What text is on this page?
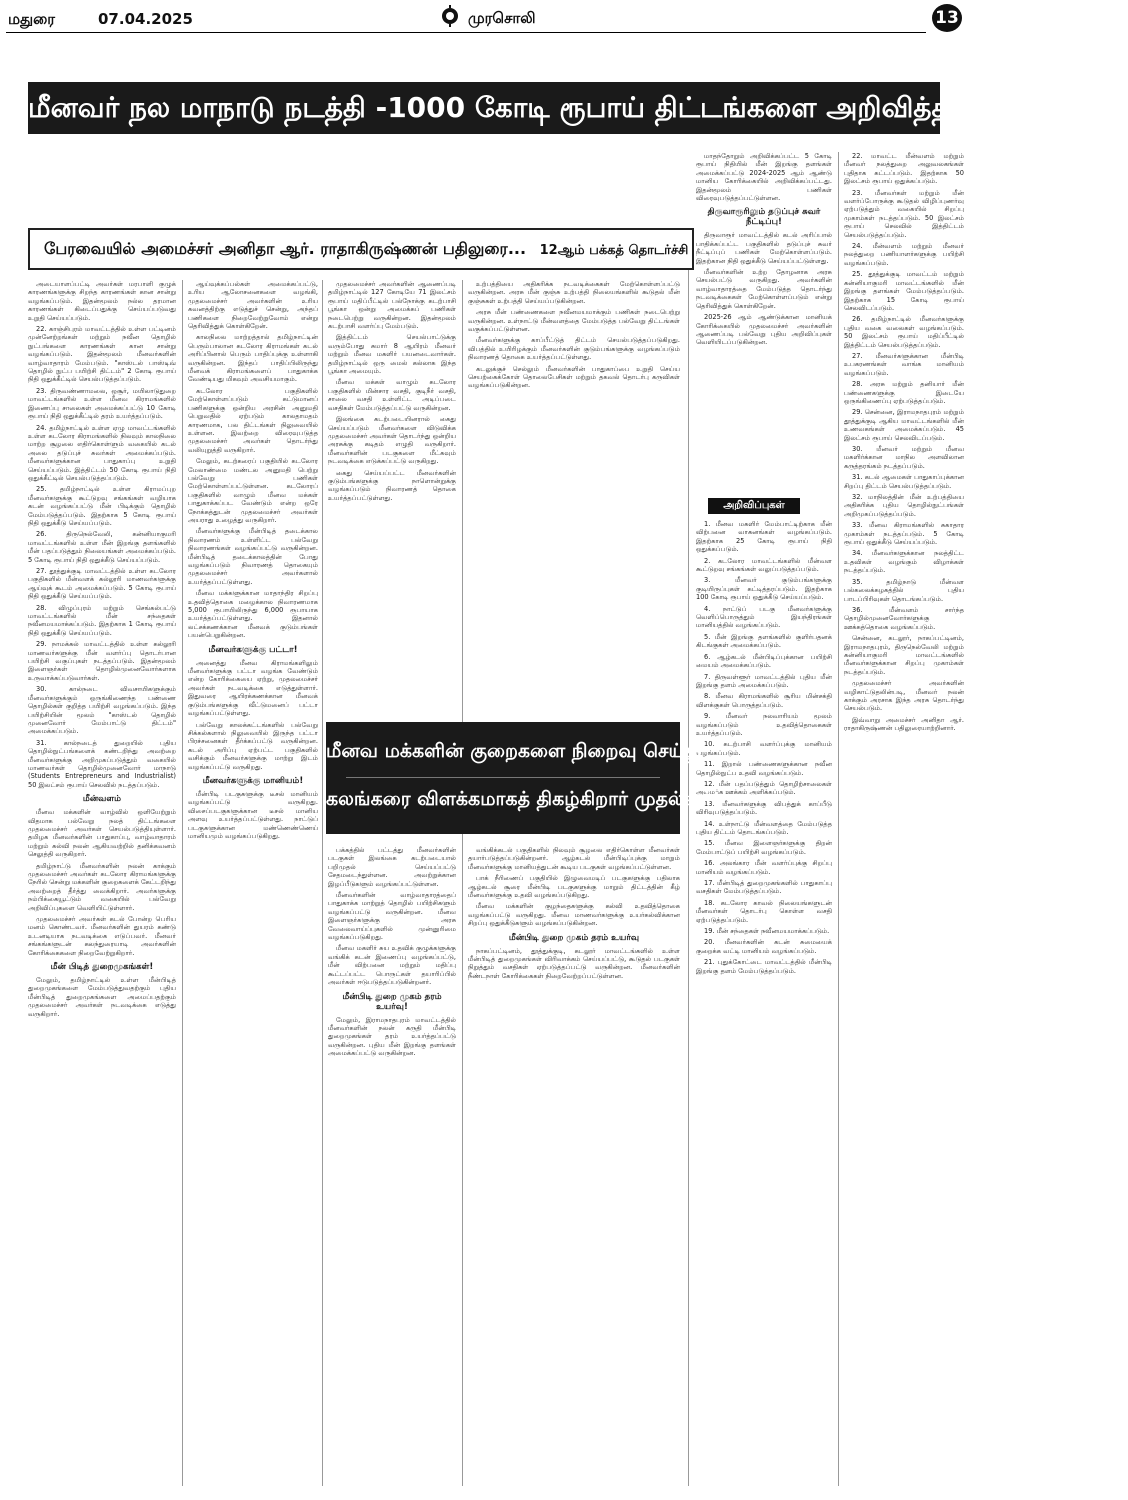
மதுரை	07.04.2025	முரசொலி	13
மீனவர் நல மாநாடு நடத்தி -1000 கோடி ரூபாய் திட்டங்களை அறிவித்தவர் முதல்வர்!

அடையாளப்பட்டி அவர்கள் மரபாளி குழுக் காரணங்களுக்கு சிறந்த காரணங்கள் கான சான்று வழங்கப்படும். இதன்மூலம் நல்ல தரமான காரணங்கள் கிடைப்பதுக்கு செய்யப்படுவது உறுதி செய்யப்படும்.

22. காஞ்சிபுரம் மாவட்டத்தில் உள்ள பட்டினம் முன்னேற்றங்கள் மற்றும் நவீன தொழில் நுட்பங்களை காரணங்கள் கான சான்று வழங்கப்படும். இதன்மூலம் மீனவர்களின் வாழ்வாதாரம் மேம்படும். "காஸ்டல் பாஸ்டிவ் தொழில் நுட்ப பயிற்சி திட்டம்" 2 கோடி ரூபாய் நிதி ஒதுக்கீட்டில் செயல்படுத்தப்படும்.

23. திருவண்ணாமலை, ஒசூர், மயிலாடுதுறை மாவட்டங்களில் உள்ள மீனவ கிராமங்களில் இணைப்பு சாலைகள் அமைக்கப்பட்டு 10 கோடி ரூபாய் நிதி ஒதுக்கீட்டில் தரம் உயர்த்தப்படும்.

24. தமிழ்நாட்டில் உள்ள ஏழு மாவட்டங்களில் உள்ள கடலோர கிராமங்களில் நிலவும் காலநிலை மாற்ற சூழலை எதிர்கொள்ளும் வகையில் கடல் அலை தடுப்புச் சுவர்கள் அமைக்கப்படும். மீனவர்களுக்கான பாதுகாப்பு உறுதி செய்யப்படும். இத்திட்டம் 50 கோடி ரூபாய் நிதி ஒதுக்கீட்டில் செயல்படுத்தப்படும்.

25. தமிழ்நாட்டில் உள்ள கிராமப்புற மீனவர்களுக்கு கூட்டுறவு சங்கங்கள் வழியாக கடன் வழங்கப்பட்டு மீன் பிடிக்கும் தொழில் மேம்படுத்தப்படும். இதற்காக 5 கோடி ரூபாய் நிதி ஒதுக்கீடு செய்யப்படும்.

26. திருநெல்வேலி, கன்னியாகுமரி மாவட்டங்களில் உள்ள மீன் இறங்கு தளங்களில் மீன் பதப்படுத்தும் நிலையங்கள் அமைக்கப்படும். 5 கோடி ரூபாய் நிதி ஒதுக்கீடு செய்யப்படும்.

27. தூத்துக்குடி மாவட்டத்தில் உள்ள கடலோர பகுதிகளில் மீன்வளக் கல்லூரி மாணவர்களுக்கு ஆய்வுக் கூடம் அமைக்கப்படும். 5 கோடி ரூபாய் நிதி ஒதுக்கீடு செய்யப்படும்.

28. விழுப்புரம் மற்றும் செங்கல்பட்டு மாவட்டங்களில் மீன் சந்தைகள் நவீனமயமாக்கப்படும். இதற்காக 1 கோடி ரூபாய் நிதி ஒதுக்கீடு செய்யப்படும்.

29. நாமக்கல் மாவட்டத்தில் உள்ள கல்லூரி மாணவர்களுக்கு மீன் வளர்ப்பு தொடர்பான பயிற்சி வகுப்புகள் நடத்தப்படும். இதன்மூலம் இளைஞர்கள் தொழில்முனைவோர்களாக உருவாக்கப்படுவார்கள்.

30. கால்நடை விவசாயிகளுக்கும் மீனவர்களுக்கும் ஒருங்கிணைந்த பண்ணை தொழில்கள் குறித்த பயிற்சி வழங்கப்படும். இந்த பயிற்சியின் மூலம் "காஸ்டல் தொழில் முனைவோர் மேம்பாட்டு திட்டம்" அமைக்கப்படும்.

31. கால்நடைத் துறையில் புதிய தொழில்நுட்பங்களைக் கண்டறிந்து அவற்றை மீனவர்களுக்கு அறிமுகப்படுத்தும் வகையில் மாணவர்கள் தொழில்முனைவோர் மாநாடு (Students Entrepreneurs and Industrialist) 50 இலட்சம் ரூபாய் செலவில் நடத்தப்படும்.

மீன்வளம்

மீனவ மக்களின் வாழ்வில் ஒளியேற்றும் விதமாக பல்வேறு நலத் திட்டங்களை முதலமைச்சர் அவர்கள் செயல்படுத்தியுள்ளார். தமிழக மீனவர்களின் பாதுகாப்பு, வாழ்வாதாரம் மற்றும் கல்வி நலன் ஆகியவற்றில் தனிக்கவனம் செலுத்தி வருகிறார்.

தமிழ்நாட்டு மீனவர்களின் நலன் காக்கும் முதலமைச்சர் அவர்கள் கடலோர கிராமங்களுக்கு நேரில் சென்று மக்களின் குறைகளைக் கேட்டறிந்து அவற்றைத் தீர்த்து வைக்கிறார். அவர்களுக்கு நம்பிக்கையூட்டும் வகையில் பல்வேறு அறிவிப்புகளை வெளியிட்டுள்ளார்.

முதலமைச்சர் அவர்கள் கடல் போன்ற பெரிய மனம் கொண்டவர். மீனவர்களின் துயரம் கண்டு உடனடியாக நடவடிக்கை எடுப்பவர். மீனவர் சங்கங்களுடன் கலந்துரையாடி அவர்களின் கோரிக்கைகளை நிறைவேற்றுகிறார்.

மீன் பிடித் துறைமுகங்கள்!

மேலும், தமிழ்நாட்டில் உள்ள மீன்பிடித் துறைமுகங்களை மேம்படுத்துவதற்கும் புதிய மீன்பிடித் துறைமுகங்களை அமைப்பதற்கும் முதலமைச்சர் அவர்கள் நடவடிக்கை எடுத்து வருகிறார்.

ஆய்வுக்கப்பல்கள் அமைக்கப்பட்டு, உரிய ஆலோசனைகளை வழங்கி, முதலமைச்சர் அவர்களின் உரிய கவனத்திற்கு எடுத்துச் சென்று, அந்தப் பணிகளை நிறைவேற்றுவோம் என்று தெரிவித்துக் கொள்கிறேன்.

காலநிலை மாற்றத்தால் தமிழ்நாட்டின் பெரும்பாலான கடலோர கிராமங்கள் கடல் அரிப்பினால் பெரும் பாதிப்புக்கு உள்ளாகி வருகின்றன. இந்தப் பாதிப்பிலிருந்து மீனவக் கிராமங்களைப் பாதுகாக்க வேண்டியது மிகவும் அவசியமாகும்.

கடலோர பகுதிகளில் மேற்கொள்ளப்படும் கட்டுமானப் பணிகளுக்கு ஒன்றிய அரசின் அனுமதி பெறுவதில் ஏற்படும் காலதாமதம் காரணமாக, பல திட்டங்கள் நிலுவையில் உள்ளன. இவற்றை விரைவுபடுத்த முதலமைச்சர் அவர்கள் தொடர்ந்து வலியுறுத்தி வருகிறார்.

மேலும், கடற்கரைப் பகுதியில் கடலோர மேலாண்மை மண்டல அனுமதி பெற்று பல்வேறு பணிகள் மேற்கொள்ளப்பட்டுள்ளன. கடலோரப் பகுதிகளில் வாழும் மீனவ மக்கள் பாதுகாக்கப்பட வேண்டும் என்ற ஒரே நோக்கத்துடன் முதலமைச்சர் அவர்கள் அயராது உழைத்து வருகிறார்.

மீனவர்களுக்கு மீன்பிடித் தடைக்கால நிவாரணம் உள்ளிட்ட பல்வேறு நிவாரணங்கள் வழங்கப்பட்டு வருகின்றன. மீன்பிடித் தடைக்காலத்தின் போது வழங்கப்படும் நிவாரணத் தொகையும் முதலமைச்சர் அவர்களால் உயர்த்தப்பட்டுள்ளது.

மீனவ மக்களுக்கான மாதாந்திர சிறப்பு உதவித்தொகை மழைக்கால நிவாரணமாக 5,000 ரூபாயிலிருந்து 6,000 ரூபாயாக உயர்த்தப்பட்டுள்ளது. இதனால் லட்சக்கணக்கான மீனவக் குடும்பங்கள் பயன்பெறுகின்றன.

மீனவர்களுக்கு பட்டா!

அனைத்து மீனவ கிராமங்களிலும் மீனவர்களுக்கு பட்டா வழங்க வேண்டும் என்ற கோரிக்கையை ஏற்று, முதலமைச்சர் அவர்கள் நடவடிக்கை எடுத்துள்ளார். இதுவரை ஆயிரக்கணக்கான மீனவக் குடும்பங்களுக்கு வீட்டுமனைப் பட்டா வழங்கப்பட்டுள்ளது.

பல்வேறு காலக்கட்டங்களில் பல்வேறு சிக்கல்களால் நிலுவையில் இருந்த பட்டா பிரச்சனைகள் தீர்க்கப்பட்டு வருகின்றன. கடல் அரிப்பு ஏற்பட்ட பகுதிகளில் வசிக்கும் மீனவர்களுக்கு மாற்று இடம் வழங்கப்பட்டு வருகிறது.

மீனவர்களுக்கு மானியம்!

மீன்பிடி படகுகளுக்கு டீசல் மானியம் வழங்கப்பட்டு வருகிறது. விசைப்படகுகளுக்கான டீசல் மானிய அளவு உயர்த்தப்பட்டுள்ளது. நாட்டுப் படகுகளுக்கான மண்ணெண்ணெய் மானியமும் வழங்கப்படுகிறது.

முதலமைச்சர் அவர்களின் ஆணைப்படி தமிழ்நாட்டில் 127 கோடியே 71 இலட்சம் ரூபாய் மதிப்பீட்டில் பல்நோக்கு கடற்பாசி பூங்கா ஒன்று அமைக்கப் பணிகள் நடைபெற்று வருகின்றன. இதன்மூலம் கடற்பாசி வளர்ப்பு மேம்படும்.

இத்திட்டம் செயல்பாட்டுக்கு வரும்போது சுமார் 8 ஆயிரம் மீனவர் மற்றும் மீனவ மகளிர் பயனடைவார்கள். தமிழ்நாட்டில் ஒரு மைல் கல்லாக இந்த பூங்கா அமையும்.

மீனவ மக்கள் வாழும் கடலோர பகுதிகளில் மின்சார வசதி, குடிநீர் வசதி, சாலை வசதி உள்ளிட்ட அடிப்படை வசதிகள் மேம்படுத்தப்பட்டு வருகின்றன.

இலங்கை கடற்படையினரால் கைது செய்யப்படும் மீனவர்களை விடுவிக்க முதலமைச்சர் அவர்கள் தொடர்ந்து ஒன்றிய அரசுக்கு கடிதம் எழுதி வருகிறார். மீனவர்களின் படகுகளை மீட்கவும் நடவடிக்கை எடுக்கப்பட்டு வருகிறது.

கைது செய்யப்பட்ட மீனவர்களின் குடும்பங்களுக்கு நாளொன்றுக்கு வழங்கப்படும் நிவாரணத் தொகை உயர்த்தப்பட்டுள்ளது.

பக்கத்தில் பட்டத்து மீனவர்களின் படகுகள் இலங்கை கடற்படையால் பறிமுதல் செய்யப்பட்டு சேதமடைந்துள்ளன. அவற்றுக்கான இழப்பீடுகளும் வழங்கப்பட்டுள்ளன.

மீனவர்களின் வாழ்வாதாரத்தைப் பாதுகாக்க மாற்றுத் தொழில் பயிற்சிகளும் வழங்கப்பட்டு வருகின்றன. மீனவ இளைஞர்களுக்கு அரசு வேலைவாய்ப்புகளில் முன்னுரிமை வழங்கப்படுகிறது.

மீனவ மகளிர் சுய உதவிக் குழுக்களுக்கு வங்கிக் கடன் இணைப்பு வழங்கப்பட்டு, மீன் விற்பனை மற்றும் மதிப்பு கூட்டப்பட்ட பொருட்கள் தயாரிப்பில் அவர்கள் ஈடுபடுத்தப்படுகின்றனர்.

மீன்பிடி துறை முகம் தரம் உயர்வு!

மேலும், இராமநாதபுரம் மாவட்டத்தில் மீனவர்களின் நலன் கருதி மீன்பிடி துறைமுகங்கள் தரம் உயர்த்தப்பட்டு வருகின்றன. புதிய மீன் இறங்கு தளங்கள் அமைக்கப்பட்டு வருகின்றன.

உற்பத்தியை அதிகரிக்க நடவடிக்கைகள் மேற்கொள்ளப்பட்டு வருகின்றன. அரசு மீன் குஞ்சு உற்பத்தி நிலையங்களில் கூடுதல் மீன் குஞ்சுகள் உற்பத்தி செய்யப்படுகின்றன.

அரசு மீன் பண்ணைகளை நவீனமயமாக்கும் பணிகள் நடைபெற்று வருகின்றன. உள்நாட்டு மீன்வளத்தை மேம்படுத்த பல்வேறு திட்டங்கள் வகுக்கப்பட்டுள்ளன.

மீனவர்களுக்கு காப்பீட்டுத் திட்டம் செயல்படுத்தப்படுகிறது. விபத்தில் உயிரிழக்கும் மீனவர்களின் குடும்பங்களுக்கு வழங்கப்படும் நிவாரணத் தொகை உயர்த்தப்பட்டுள்ளது.

கடலுக்குச் செல்லும் மீனவர்களின் பாதுகாப்பை உறுதி செய்ய செயற்கைக்கோள் தொலைபேசிகள் மற்றும் தகவல் தொடர்பு கருவிகள் வழங்கப்படுகின்றன.

வங்கிக்கடல் பகுதிகளில் நிலவும் சூழலை எதிர்கொள்ள மீனவர்கள் தயார்படுத்தப்படுகின்றனர். ஆழ்கடல் மீன்பிடிப்புக்கு மாறும் மீனவர்களுக்கு மானியத்துடன் கூடிய படகுகள் வழங்கப்பட்டுள்ளன.

பாக் நீரிணைப் பகுதியில் இழுவைமடிப் படகுகளுக்கு பதிலாக ஆழ்கடல் சூரை மீன்பிடி படகுகளுக்கு மாறும் திட்டத்தின் கீழ் மீனவர்களுக்கு உதவி வழங்கப்படுகிறது.

மீனவ மக்களின் குழந்தைகளுக்கு கல்வி உதவித்தொகை வழங்கப்பட்டு வருகிறது. மீனவ மாணவர்களுக்கு உயர்கல்விக்கான சிறப்பு ஒதுக்கீடுகளும் வழங்கப்படுகின்றன.

மீன்பிடி துறை முகம் தரம் உயர்வு

நாகப்பட்டினம், தூத்துக்குடி, கடலூர் மாவட்டங்களில் உள்ள மீன்பிடித் துறைமுகங்கள் விரிவாக்கம் செய்யப்பட்டு, கூடுதல் படகுகள் நிறுத்தும் வசதிகள் ஏற்படுத்தப்பட்டு வருகின்றன. மீனவர்களின் நீண்டநாள் கோரிக்கைகள் நிறைவேற்றப்பட்டுள்ளன.

மாதந்தோறும் அறிவிக்கப்பட்ட 5 கோடி ரூபாய் நிதியில் மீன் இறங்கு தளங்கள் அமைக்கப்பட்டு 2024-2025 ஆம் ஆண்டு மானிய கோரிக்கையில் அறிவிக்கப்பட்டது. இதன்மூலம் பணிகள் விரைவுபடுத்தப்பட்டுள்ளன.

திருவாரூரிலும் தடுப்புச் சுவர் நீட்டிப்பு!

திருவாரூர் மாவட்டத்தில் கடல் அரிப்பால் பாதிக்கப்பட்ட பகுதிகளில் தடுப்புச் சுவர் நீட்டிப்புப் பணிகள் மேற்கொள்ளப்படும். இதற்கான நிதி ஒதுக்கீடு செய்யப்பட்டுள்ளது.

மீனவர்களின் உற்ற தோழனாக அரசு செயல்பட்டு வருகிறது. அவர்களின் வாழ்வாதாரத்தை மேம்படுத்த தொடர்ந்து நடவடிக்கைகள் மேற்கொள்ளப்படும் என்று தெரிவித்துக் கொள்கிறேன்.

2025-26 ஆம் ஆண்டுக்கான மானியக் கோரிக்கையில் முதலமைச்சர் அவர்களின் ஆணைப்படி பல்வேறு புதிய அறிவிப்புகள் வெளியிடப்படுகின்றன.

அறிவிப்புகள்

1. மீனவ மகளிர் மேம்பாட்டிற்காக மீன் விற்பனை வாகனங்கள் வழங்கப்படும். இதற்காக 25 கோடி ரூபாய் நிதி ஒதுக்கப்படும்.

2. கடலோர மாவட்டங்களில் மீன்வள கூட்டுறவு சங்கங்கள் வலுப்படுத்தப்படும்.

3. மீனவர் குடும்பங்களுக்கு குடியிருப்புகள் கட்டித்தரப்படும். இதற்காக 100 கோடி ரூபாய் ஒதுக்கீடு செய்யப்படும்.

4. நாட்டுப் படகு மீனவர்களுக்கு வெளிப்பொருத்தும் இயந்திரங்கள் மானியத்தில் வழங்கப்படும்.

5. மீன் இறங்கு தளங்களில் குளிர்பதனக் கிடங்குகள் அமைக்கப்படும்.

6. ஆழ்கடல் மீன்பிடிப்புக்கான பயிற்சி மையம் அமைக்கப்படும்.

7. திருவள்ளூர் மாவட்டத்தில் புதிய மீன் இறங்கு தளம் அமைக்கப்படும்.

8. மீனவ கிராமங்களில் சூரிய மின்சக்தி விளக்குகள் பொருத்தப்படும்.

9. மீனவர் நலவாரியம் மூலம் வழங்கப்படும் உதவித்தொகைகள் உயர்த்தப்படும்.

10. கடற்பாசி வளர்ப்புக்கு மானியம் வழங்கப்படும்.

11. இறால் பண்ணைகளுக்கான நவீன தொழில்நுட்ப உதவி வழங்கப்படும்.

12. மீன் பதப்படுத்தும் தொழிற்சாலைகள் அமைக்க ஊக்கம் அளிக்கப்படும்.

13. மீனவர்களுக்கு விபத்துக் காப்பீடு விரிவுபடுத்தப்படும்.

14. உள்நாட்டு மீன்வளத்தை மேம்படுத்த புதிய திட்டம் தொடங்கப்படும்.

15. மீனவ இளைஞர்களுக்கு திறன் மேம்பாட்டுப் பயிற்சி வழங்கப்படும்.

16. அலங்கார மீன் வளர்ப்புக்கு சிறப்பு மானியம் வழங்கப்படும்.

17. மீன்பிடித் துறைமுகங்களில் பாதுகாப்பு வசதிகள் மேம்படுத்தப்படும்.

18. கடலோர காவல் நிலையங்களுடன் மீனவர்கள் தொடர்பு கொள்ள வசதி ஏற்படுத்தப்படும்.

19. மீன் சந்தைகள் நவீனமயமாக்கப்படும்.

20. மீனவர்களின் கடன் சுமையைக் குறைக்க வட்டி மானியம் வழங்கப்படும்.

21. புதுக்கோட்டை மாவட்டத்தில் மீன்பிடி இறங்கு தளம் மேம்படுத்தப்படும்.

22. மாவட்ட மீன்வளம் மற்றும் மீனவர் நலத்துறை அலுவலகங்கள் புதிதாக கட்டப்படும். இதற்காக 50 இலட்சம் ரூபாய் ஒதுக்கப்படும்.

23. மீனவர்கள் மற்றும் மீன் வளர்ப்போருக்கு கூடுதல் விழிப்புணர்வு ஏற்படுத்தும் வகையில் சிறப்பு முகாம்கள் நடத்தப்படும். 50 இலட்சம் ரூபாய் செலவில் இத்திட்டம் செயல்படுத்தப்படும்.

24. மீன்வளம் மற்றும் மீனவர் நலத்துறை பணியாளர்களுக்கு பயிற்சி வழங்கப்படும்.

25. தூத்துக்குடி மாவட்டம் மற்றும் கன்னியாகுமரி மாவட்டங்களில் மீன் இறங்கு தளங்கள் மேம்படுத்தப்படும். இதற்காக 15 கோடி ரூபாய் செலவிடப்படும்.

26. தமிழ்நாட்டில் மீனவர்களுக்கு புதிய வகை வலைகள் வழங்கப்படும். 50 இலட்சம் ரூபாய் மதிப்பீட்டில் இத்திட்டம் செயல்படுத்தப்படும்.

27. மீனவர்களுக்கான மீன்பிடி உபகரணங்கள் வாங்க மானியம் வழங்கப்படும்.

28. அரசு மற்றும் தனியார் மீன் பண்ணைகளுக்கு இடையே ஒருங்கிணைப்பு ஏற்படுத்தப்படும்.

29. சென்னை, இராமநாதபுரம் மற்றும் தூத்துக்குடி ஆகிய மாவட்டங்களில் மீன் உணவகங்கள் அமைக்கப்படும். 45 இலட்சம் ரூபாய் செலவிடப்படும்.

30. மீனவர் மற்றும் மீனவ மகளிர்க்கான மாநில அளவிலான கருத்தரங்கம் நடத்தப்படும்.

31. கடல் ஆமைகள் பாதுகாப்புக்கான சிறப்பு திட்டம் செயல்படுத்தப்படும்.

32. மாநிலத்தின் மீன் உற்பத்தியை அதிகரிக்க புதிய தொழில்நுட்பங்கள் அறிமுகப்படுத்தப்படும்.

33. மீனவ கிராமங்களில் சுகாதார முகாம்கள் நடத்தப்படும். 5 கோடி ரூபாய் ஒதுக்கீடு செய்யப்படும்.

34. மீனவர்களுக்கான நலத்திட்ட உதவிகள் வழங்கும் விழாக்கள் நடத்தப்படும்.

35. தமிழ்நாடு மீன்வள பல்கலைக்கழகத்தில் புதிய பாடப்பிரிவுகள் தொடங்கப்படும்.

36. மீன்வளம் சார்ந்த தொழில்முனைவோர்களுக்கு ஊக்கத்தொகை வழங்கப்படும்.

சென்னை, கடலூர், நாகப்பட்டினம், இராமநாதபுரம், திருநெல்வேலி மற்றும் கன்னியாகுமரி மாவட்டங்களில் மீனவர்களுக்கான சிறப்பு முகாம்கள் நடத்தப்படும்.

முதலமைச்சர் அவர்களின் வழிகாட்டுதலின்படி, மீனவர் நலன் காக்கும் அரசாக இந்த அரசு தொடர்ந்து செயல்படும்.

இவ்வாறு அமைச்சர் அனிதா ஆர். ராதாகிருஷ்ணன் பதிலுரையாற்றினார்.

பேரவையில் அமைச்சர் அனிதா ஆர். ராதாகிருஷ்ணன் பதிலுரை... 12ஆம் பக்கத் தொடர்ச்சி
மீனவ மக்களின் குறைகளை நிறைவு செய்து
கலங்கரை விளக்கமாகத் திகழ்கிறார் முதல்வர்!
